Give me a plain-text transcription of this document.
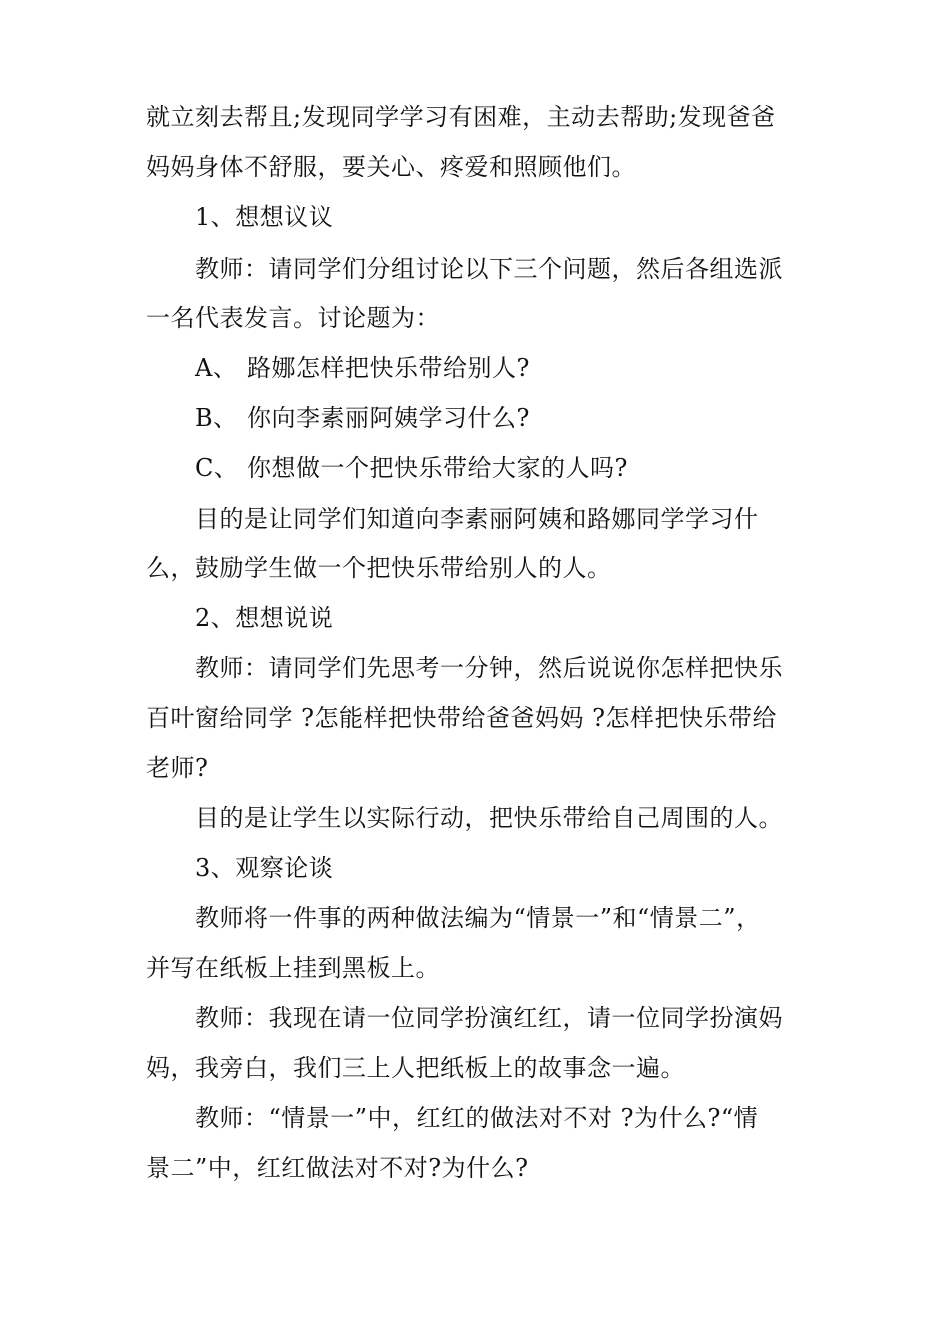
就立刻去帮且;发现同学学习有困难，主动去帮助;发现爸爸
妈妈身体不舒服，要关心、疼爱和照顾他们。
1、想想议议
教师：请同学们分组讨论以下三个问题，然后各组选派
一名代表发言。讨论题为：
A、 路娜怎样把快乐带给别人?
B、 你向李素丽阿姨学习什么?
C、 你想做一个把快乐带给大家的人吗?
目的是让同学们知道向李素丽阿姨和路娜同学学习什
么，鼓励学生做一个把快乐带给别人的人。
2、想想说说
教师：请同学们先思考一分钟，然后说说你怎样把快乐
百叶窗给同学 ?怎能样把快带给爸爸妈妈 ?怎样把快乐带给
老师?
目的是让学生以实际行动，把快乐带给自己周围的人。
3、观察论谈
教师将一件事的两种做法编为“情景一”和“情景二”，
并写在纸板上挂到黑板上。
教师：我现在请一位同学扮演红红，请一位同学扮演妈
妈，我旁白，我们三上人把纸板上的故事念一遍。
教师：“情景一”中，红红的做法对不对 ?为什么?“情
景二”中，红红做法对不对?为什么?
